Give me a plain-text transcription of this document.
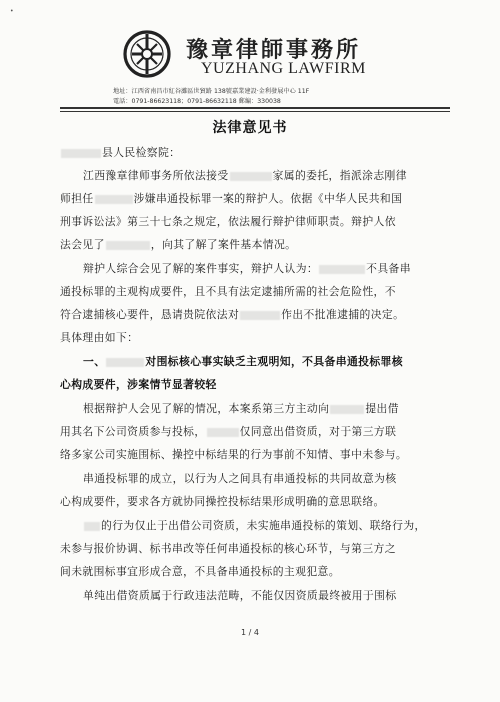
•
豫章律師事務所
YUZHANG LAWFIRM
地址：江西省南昌市紅谷灘區世貿路 138號嘉業建設·金利發展中心 11F
電話：0791-86623118；0791-86632118 郵編：330038
法律意见书
县人民检察院：
江西豫章律师事务所依法接受	家属的委托，指派涂志刚律
师担任	涉嫌串通投标罪一案的辩护人。依据《中华人民共和国
刑事诉讼法》第三十七条之规定，依法履行辩护律师职责。辩护人依
法会见了	，向其了解了案件基本情况。
辩护人综合会见了解的案件事实，辩护人认为：	不具备串
通投标罪的主观构成要件，且不具有法定逮捕所需的社会危险性，不
符合逮捕核心要件，恳请贵院依法对	作出不批准逮捕的决定。
具体理由如下：
一、	对围标核心事实缺乏主观明知，不具备串通投标罪核
心构成要件，涉案情节显著较轻
根据辩护人会见了解的情况，本案系第三方主动向	提出借
用其名下公司资质参与投标，	仅同意出借资质，对于第三方联
络多家公司实施围标、操控中标结果的行为事前不知情、事中未参与。
串通投标罪的成立，以行为人之间具有串通投标的共同故意为核
心构成要件，要求各方就协同操控投标结果形成明确的意思联络。
的行为仅止于出借公司资质，未实施串通投标的策划、联络行为，
未参与报价协调、标书串改等任何串通投标的核心环节，与第三方之
间未就围标事宜形成合意，不具备串通投标的主观犯意。
单纯出借资质属于行政违法范畴，不能仅因资质最终被用于围标
1 / 4
